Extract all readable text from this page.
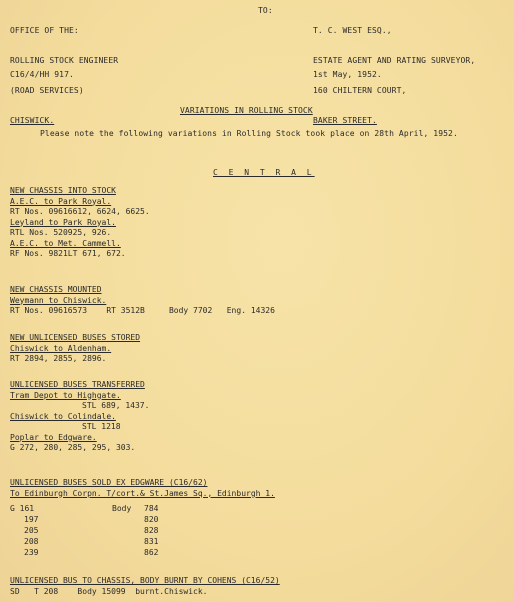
OFFICE OF THE:

ROLLING STOCK ENGINEER

(ROAD SERVICES)

CHISWICK.

TO:

T. C. WEST ESQ.,

ESTATE AGENT AND RATING SURVEYOR,

160 CHILTERN COURT,

BAKER STREET.

C16/4/HH 917.	1st May, 1952.
VARIATIONS IN ROLLING STOCK
Please note the following variations in Rolling Stock took place on 28th April, 1952.
C E N T R A L
NEW CHASSIS INTO STOCK
A.E.C. to Park Royal.
RT Nos. 09616612, 6624, 6625.
Leyland to Park Royal.
RTL Nos. 520925, 926.
A.E.C. to Met. Cammell.
RF Nos. 9821LT 671, 672.
NEW CHASSIS MOUNTED
Weymann to Chiswick.
RT Nos. 09616573    RT 3512B     Body 7702   Eng. 14326
NEW UNLICENSED BUSES STORED
Chiswick to Aldenham.
RT 2894, 2855, 2896.
UNLICENSED BUSES TRANSFERRED
Tram Depot to Highgate.
STL 689, 1437.
Chiswick to Colindale.
STL 1218
Poplar to Edgware.
G 272, 280, 285, 295, 303.
UNLICENSED BUSES SOLD EX EDGWARE (C16/62)
To Edinburgh Corpn. T/cort.& St.James Sq., Edinburgh 1.
G 161	Body	784
197	820
205	828
208	831
239	862
UNLICENSED BUS TO CHASSIS, BODY BURNT BY COHENS (C16/52)
SD   T 208    Body 15099  burnt.Chiswick.
